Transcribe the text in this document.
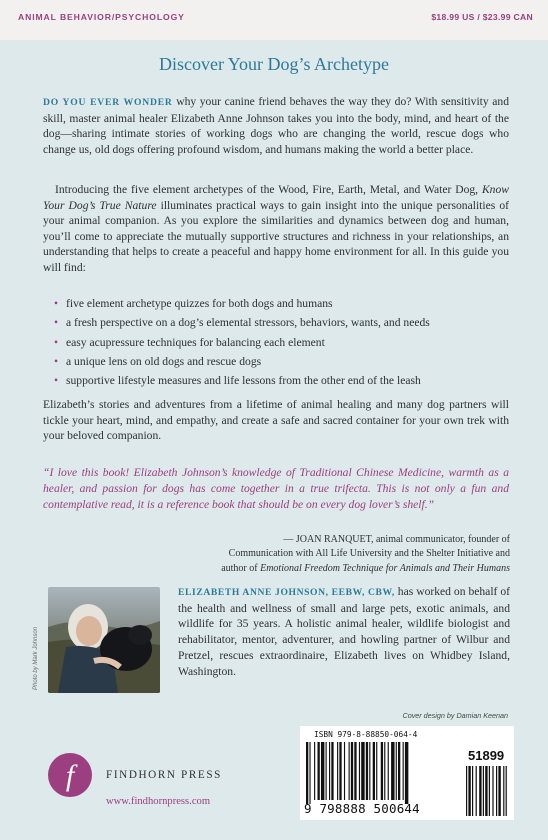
ANIMAL BEHAVIOR/PSYCHOLOGY	$18.99 US / $23.99 CAN
Discover Your Dog’s Archetype
DO YOU EVER WONDER why your canine friend behaves the way they do? With sensitivity and skill, master animal healer Elizabeth Anne Johnson takes you into the body, mind, and heart of the dog—sharing intimate stories of working dogs who are changing the world, rescue dogs who change us, old dogs offering profound wisdom, and humans making the world a better place.
Introducing the five element archetypes of the Wood, Fire, Earth, Metal, and Water Dog, Know Your Dog’s True Nature illuminates practical ways to gain insight into the unique personalities of your animal companion. As you explore the similarities and dynamics between dog and human, you’ll come to appreciate the mutually supportive structures and richness in your relationships, an understanding that helps to create a peaceful and happy home environment for all. In this guide you will find:
• five element archetype quizzes for both dogs and humans
• a fresh perspective on a dog’s elemental stressors, behaviors, wants, and needs
• easy acupressure techniques for balancing each element
• a unique lens on old dogs and rescue dogs
• supportive lifestyle measures and life lessons from the other end of the leash
Elizabeth’s stories and adventures from a lifetime of animal healing and many dog partners will tickle your heart, mind, and empathy, and create a safe and sacred container for your own trek with your beloved companion.
“I love this book! Elizabeth Johnson’s knowledge of Traditional Chinese Medicine, warmth as a healer, and passion for dogs has come together in a true trifecta. This is not only a fun and contemplative read, it is a reference book that should be on every dog lover’s shelf.”
— JOAN RANQUET, animal communicator, founder of
Communication with All Life University and the Shelter Initiative and
author of Emotional Freedom Technique for Animals and Their Humans
Photo by Mark Johnson
ELIZABETH ANNE JOHNSON, EEBW, CBW, has worked on behalf of the health and wellness of small and large pets, exotic animals, and wildlife for 35 years. A holistic animal healer, wildlife biologist and rehabilitator, mentor, adventurer, and howling partner of Wilbur and Pretzel, rescues extraordinaire, Elizabeth lives on Whidbey Island, Washington.
Cover design by Damian Keenan
f	FINDHORN PRESS
www.findhornpress.com
ISBN 979-8-88850-064-4
51899
9 798888 500644
